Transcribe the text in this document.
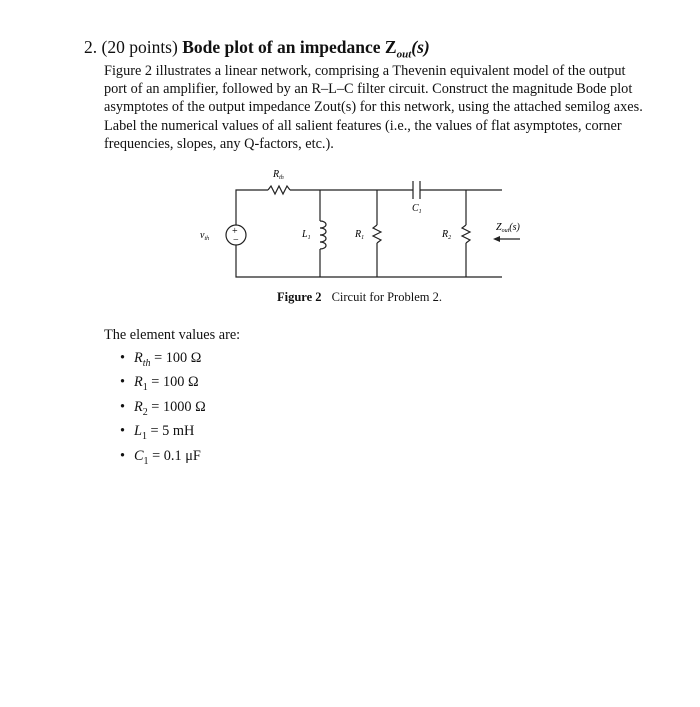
2. (20 points) Bode plot of an impedance $Z_{out}(s)$

Figure 2 illustrates a linear network, comprising a Thevenin equivalent model of the output
port of an amplifier, followed by an R–L–C filter circuit. Construct the magnitude Bode plot
asymptotes of the output impedance Zout(s) for this network, using the attached semilog axes.
Label the numerical values of all salient features (i.e., the values of flat asymptotes, corner
frequencies, slopes, any Q-factors, etc.).
+
−
$v_{th}$
$R_{th}$
$C_1$
$L_1$	$R_1$	$R_2$
$Z_{out}(s)$
Figure 2 Circuit for Problem 2.
The element values are:
• $R_{th} = 100$ Ω
• $R_1 = 100$ Ω
• $R_2 = 1000$ Ω
• $L_1 = 5$ mH
• $C_1 = 0.1$ μF
